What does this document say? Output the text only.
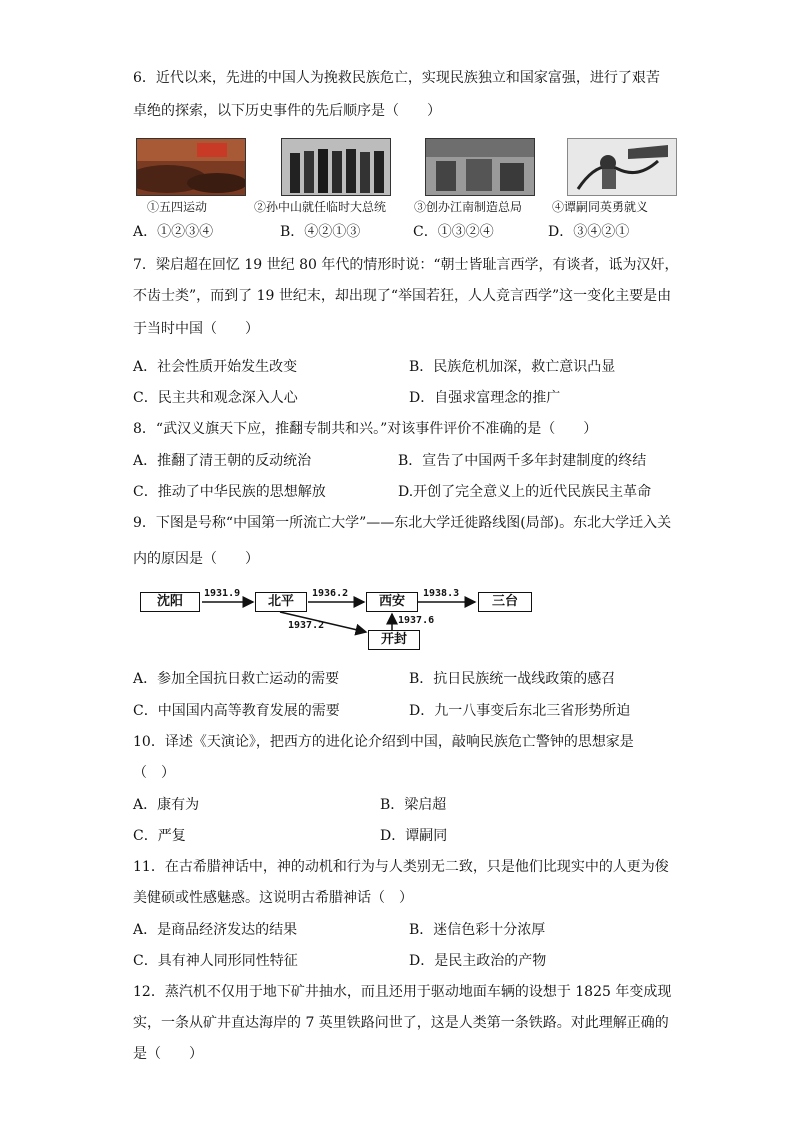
6．近代以来，先进的中国人为挽救民族危亡，实现民族独立和国家富强，进行了艰苦
卓绝的探索，以下历史事件的先后顺序是（　　）
①五四运动	②孙中山就任临时大总统 ③创办江南制造总局 ④谭嗣同英勇就义
A．①②③④	B．④②①③	C．①③②④	D．③④②①
7．梁启超在回忆 19 世纪 80 年代的情形时说：“朝士皆耻言西学，有谈者，诋为汉奸，
不齿士类”，而到了 19 世纪末，却出现了“举国若狂，人人竞言西学”这一变化主要是由
于当时中国（　　）
A．社会性质开始发生改变	B．民族危机加深，救亡意识凸显
C．民主共和观念深入人心	D．自强求富理念的推广
8．“武汉义旗天下应，推翻专制共和兴。”对该事件评价不准确的是（　　）
A．推翻了清王朝的反动统治	B．宣告了中国两千多年封建制度的终结
C．推动了中华民族的思想解放	D.开创了完全意义上的近代民族民主革命
9．下图是号称“中国第一所流亡大学”——东北大学迁徙路线图(局部)。东北大学迁入关
内的原因是（　　）
沈阳	北平	西安	三台
开封
1931.9	1936.2	1938.3
1937.2	1937.6
A．参加全国抗日救亡运动的需要	B．抗日民族统一战线政策的感召
C．中国国内高等教育发展的需要	D．九一八事变后东北三省形势所迫
10．译述《天演论》，把西方的进化论介绍到中国，敲响民族危亡警钟的思想家是
（　）
A．康有为	B．梁启超
C．严复	D．谭嗣同
11．在古希腊神话中，神的动机和行为与人类别无二致，只是他们比现实中的人更为俊
美健硕或性感魅惑。这说明古希腊神话（　）
A．是商品经济发达的结果	B．迷信色彩十分浓厚
C．具有神人同形同性特征	D．是民主政治的产物
12．蒸汽机不仅用于地下矿井抽水，而且还用于驱动地面车辆的设想于 1825 年变成现
实，一条从矿井直达海岸的 7 英里铁路问世了，这是人类第一条铁路。对此理解正确的
是（　　）
